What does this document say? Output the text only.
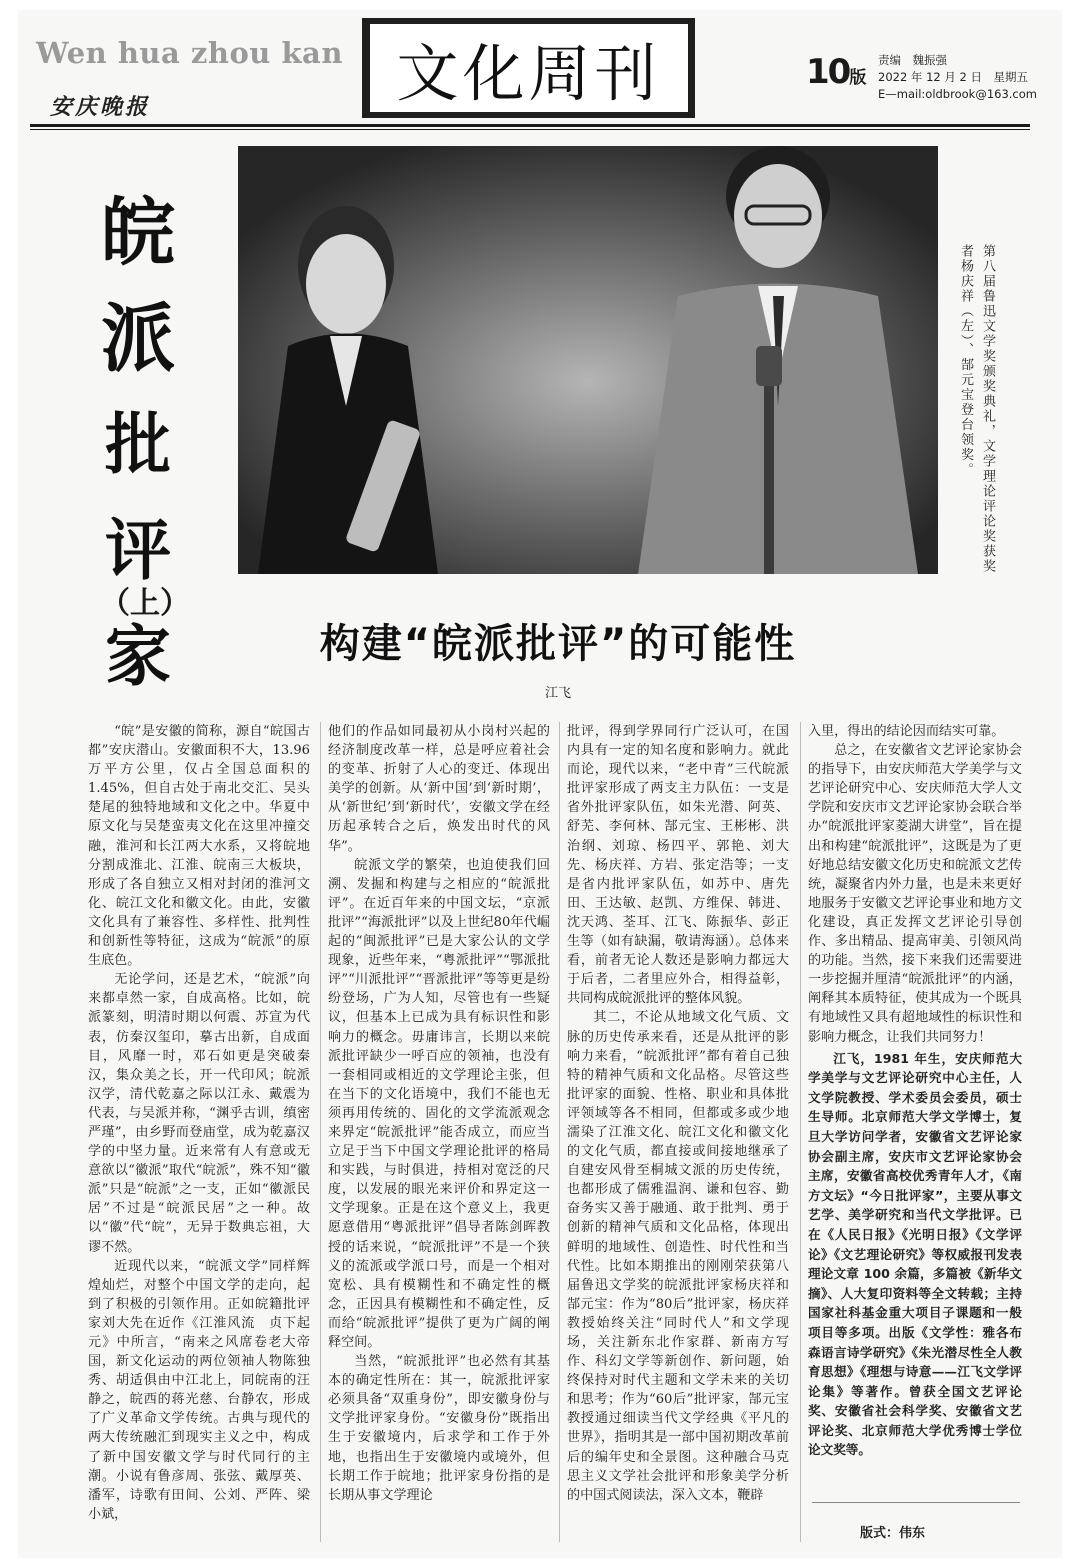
Wen hua zhou kan 文化周刊
安庆晚报
10版
责编　魏振强
2022 年 12 月 2 日　星期五
E—mail:oldbrook@163.com
皖
派
批
评
家
（上）
第八届鲁迅文学奖颁奖典礼，文学理论评论奖获奖者杨庆祥（左）、郜元宝登台领奖。
构建“皖派批评”的可能性
江飞

“皖”是安徽的简称，源自“皖国古都”安庆潜山。安徽面积不大，13.96 万平方公里，仅占全国总面积的 1.45%，但自古处于南北交汇、吴头楚尾的独特地域和文化之中。华夏中原文化与吴楚蛮夷文化在这里冲撞交融，淮河和长江两大水系，又将皖地分割成淮北、江淮、皖南三大板块，形成了各自独立又相对封闭的淮河文化、皖江文化和徽文化。由此，安徽文化具有了兼容性、多样性、批判性和创新性等特征，这成为“皖派”的原生底色。

无论学问，还是艺术，“皖派”向来都卓然一家，自成高格。比如，皖派篆刻，明清时期以何震、苏宣为代表，仿秦汉玺印，摹古出新，自成面目，风靡一时，邓石如更是突破秦汉，集众美之长，开一代印风；皖派汉学，清代乾嘉之际以江永、戴震为代表，与吴派并称，“渊乎古训，缜密严瑾”，由乡野而登庙堂，成为乾嘉汉学的中坚力量。近来常有人有意或无意欲以“徽派”取代“皖派”，殊不知“徽派”只是“皖派”之一支，正如“徽派民居”不过是“皖派民居”之一种。故以“徽”代“皖”，无异于数典忘祖，大谬不然。

近现代以来，“皖派文学”同样辉煌灿烂，对整个中国文学的走向，起到了积极的引领作用。正如皖籍批评家刘大先在近作《江淮风流　贞下起元》中所言，“南来之风席卷老大帝国，新文化运动的两位领袖人物陈独秀、胡适俱由中江北上，同皖南的汪静之，皖西的蒋光慈、台静农，形成了广义革命文学传统。古典与现代的两大传统融汇到现实主义之中，构成了新中国安徽文学与时代同行的主潮。小说有鲁彦周、张弦、戴厚英、潘军，诗歌有田间、公刘、严阵、梁小斌，

他们的作品如同最初从小岗村兴起的经济制度改革一样，总是呼应着社会的变革、折射了人心的变迁、体现出美学的创新。从‘新中国’到‘新时期’，从‘新世纪’到‘新时代’，安徽文学在经历起承转合之后，焕发出时代的风华”。

皖派文学的繁荣，也迫使我们回溯、发掘和构建与之相应的“皖派批评”。在近百年来的中国文坛，“京派批评”“海派批评”以及上世纪80年代崛起的“闽派批评”已是大家公认的文学现象，近些年来，“粤派批评”“鄂派批评”“川派批评”“晋派批评”等等更是纷纷登场，广为人知，尽管也有一些疑议，但基本上已成为具有标识性和影响力的概念。毋庸讳言，长期以来皖派批评缺少一呼百应的领袖，也没有一套相同或相近的文学理论主张，但在当下的文化语境中，我们不能也无须再用传统的、固化的文学流派观念来界定“皖派批评”能否成立，而应当立足于当下中国文学理论批评的格局和实践，与时俱进，持相对宽泛的尺度，以发展的眼光来评价和界定这一文学现象。正是在这个意义上，我更愿意借用“粤派批评”倡导者陈剑晖教授的话来说，“皖派批评”不是一个狭义的流派或学派口号，而是一个相对宽松、具有模糊性和不确定性的概念，正因具有模糊性和不确定性，反而给“皖派批评”提供了更为广阔的阐释空间。

当然，“皖派批评”也必然有其基本的确定性所在：其一，皖派批评家必须具备“双重身份”，即安徽身份与文学批评家身份。“安徽身份”既指出生于安徽境内，后求学和工作于外地，也指出生于安徽境内或境外，但长期工作于皖地；批评家身份指的是长期从事文学理论

批评，得到学界同行广泛认可，在国内具有一定的知名度和影响力。就此而论，现代以来，“老中青”三代皖派批评家形成了两支主力队伍：一支是省外批评家队伍，如朱光潜、阿英、舒芜、李何林、郜元宝、王彬彬、洪治纲、刘琼、杨四平、郭艳、刘大先、杨庆祥、方岩、张定浩等；一支是省内批评家队伍，如苏中、唐先田、王达敏、赵凯、方维保、韩进、沈天鸿、荃耳、江飞、陈振华、彭正生等（如有缺漏，敬请海涵）。总体来看，前者无论人数还是影响力都远大于后者，二者里应外合，相得益彰，共同构成皖派批评的整体风貌。

其二，不论从地域文化气质、文脉的历史传承来看，还是从批评的影响力来看，“皖派批评”都有着自己独特的精神气质和文化品格。尽管这些批评家的面貌、性格、职业和具体批评领域等各不相同，但都或多或少地濡染了江淮文化、皖江文化和徽文化的文化气质，都直接或间接地继承了自建安风骨至桐城文派的历史传统，也都形成了儒雅温润、谦和包容、勤奋务实又善于融通、敢于批判、勇于创新的精神气质和文化品格，体现出鲜明的地域性、创造性、时代性和当代性。比如本期推出的刚刚荣获第八届鲁迅文学奖的皖派批评家杨庆祥和郜元宝：作为“80后”批评家，杨庆祥教授始终关注“同时代人”和文学现场，关注新东北作家群、新南方写作、科幻文学等新创作、新问题，始终保持对时代主题和文学未来的关切和思考；作为“60后”批评家，郜元宝教授通过细读当代文学经典《平凡的世界》，指明其是一部中国初期改革前后的编年史和全景图。这种融合马克思主义文学社会批评和形象美学分析的中国式阅读法，深入文本，鞭辟

入里，得出的结论因而结实可靠。

总之，在安徽省文艺评论家协会的指导下，由安庆师范大学美学与文艺评论研究中心、安庆师范大学人文学院和安庆市文艺评论家协会联合举办“皖派批评家菱湖大讲堂”，旨在提出和构建“皖派批评”，这既是为了更好地总结安徽文化历史和皖派文艺传统，凝聚省内外力量，也是未来更好地服务于安徽文艺评论事业和地方文化建设，真正发挥文艺评论引导创作、多出精品、提高审美、引领风尚的功能。当然，接下来我们还需要进一步挖掘并厘清“皖派批评”的内涵，阐释其本质特征，使其成为一个既具有地域性又具有超地域性的标识性和影响力概念，让我们共同努力！

江飞，1981 年生，安庆师范大学美学与文艺评论研究中心主任，人文学院教授、学术委员会委员，硕士生导师。北京师范大学文学博士，复旦大学访问学者，安徽省文艺评论家协会副主席，安庆市文艺评论家协会主席，安徽省高校优秀青年人才，《南方文坛》“今日批评家”，主要从事文艺学、美学研究和当代文学批评。已在《人民日报》《光明日报》《文学评论》《文艺理论研究》等权威报刊发表理论文章 100 余篇，多篇被《新华文摘》、人大复印资料等全文转载；主持国家社科基金重大项目子课题和一般项目等多项。出版《文学性：雅各布森语言诗学研究》《朱光潜尽性全人教育思想》《理想与诗意——江飞文学评论集》等著作。曾获全国文艺评论奖、安徽省社会科学奖、安徽省文艺评论奖、北京师范大学优秀博士学位论文奖等。

版式：伟东
